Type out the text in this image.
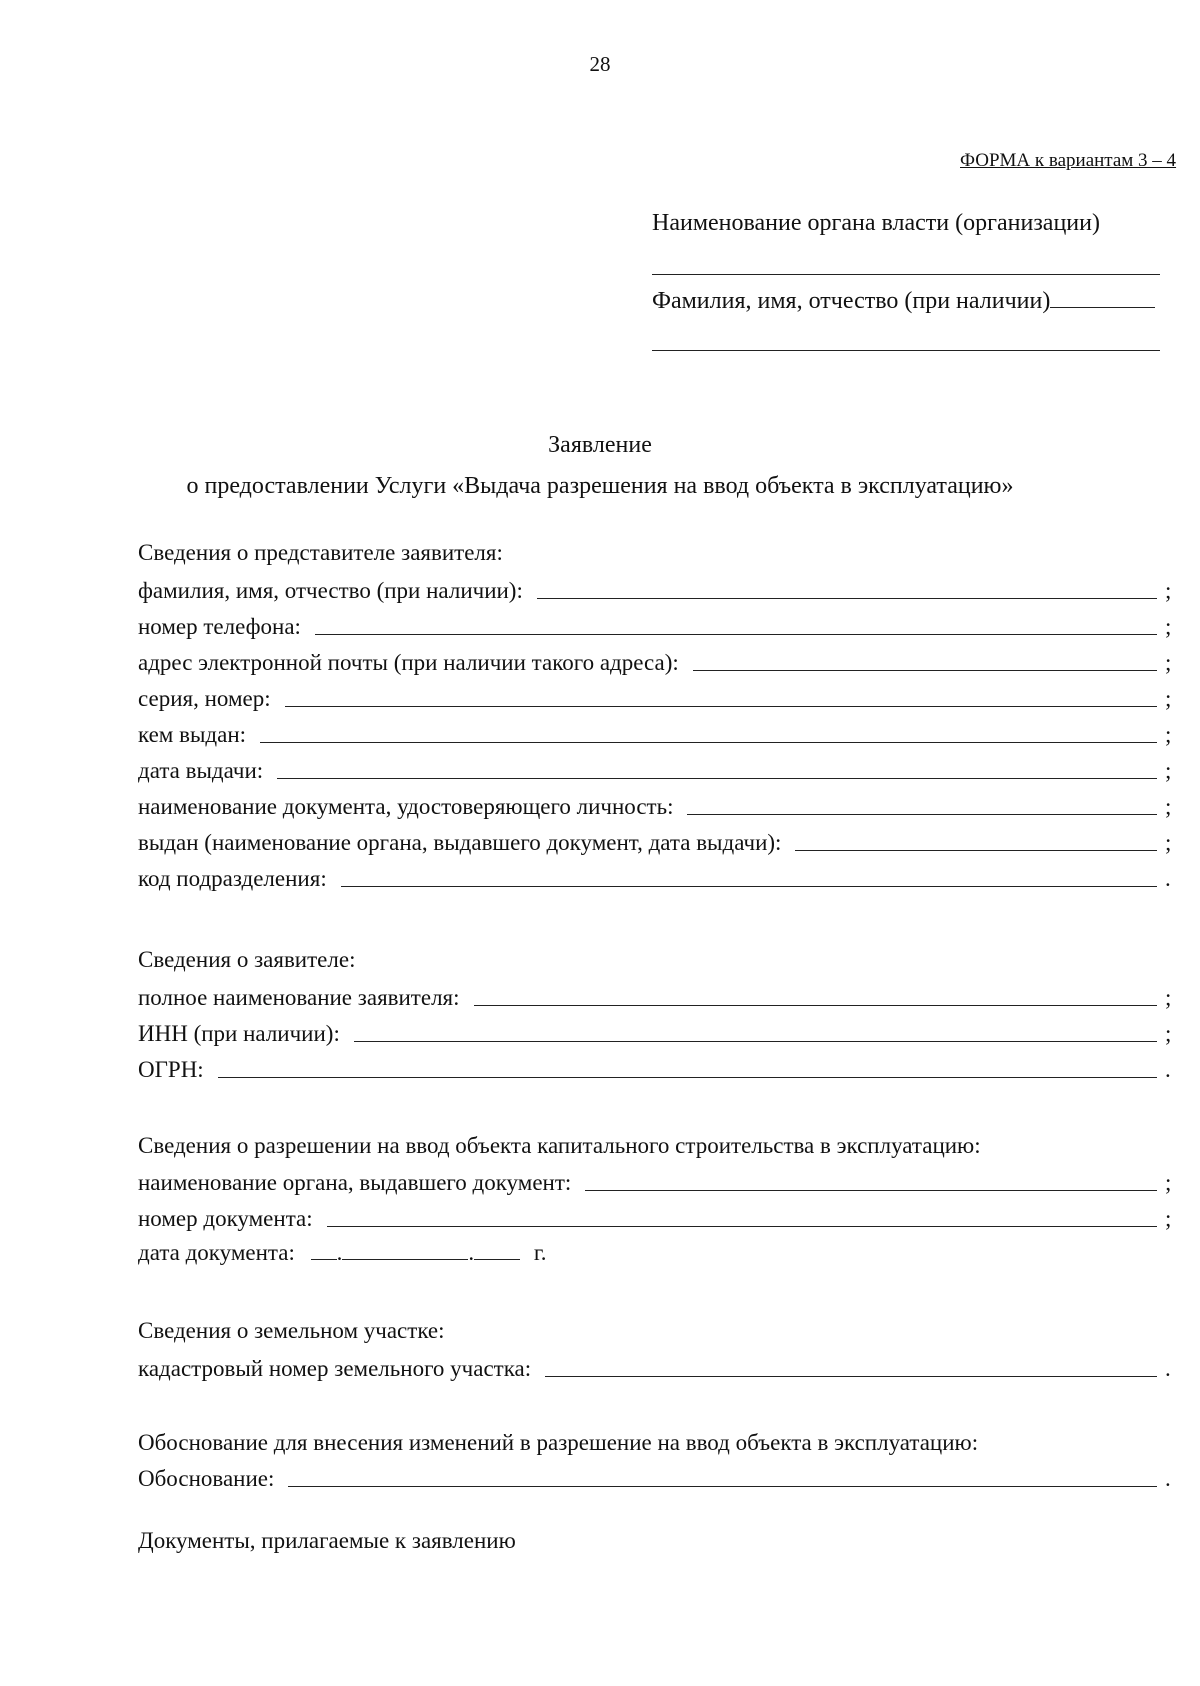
28
ФОРМА к вариантам 3 – 4
Наименование органа власти (организации)
Фамилия, имя, отчество (при наличии)
Заявление
о предоставлении Услуги «Выдача разрешения на ввод объекта в эксплуатацию»
Сведения о представителе заявителя:
фамилия, имя, отчество (при наличии):	;
номер телефона:	;
адрес электронной почты (при наличии такого адреса):	;
серия, номер:	;
кем выдан:	;
дата выдачи:	;
наименование документа, удостоверяющего личность:	;
выдан (наименование органа, выдавшего документ, дата выдачи):	;
код подразделения:	.
Сведения о заявителе:
полное наименование заявителя:	;
ИНН (при наличии):	;
ОГРН:	.
Сведения о разрешении на ввод объекта капитального строительства в эксплуатацию:
наименование органа, выдавшего документ:	;
номер документа:	;
дата документа: .	.	г.
Сведения о земельном участке:
кадастровый номер земельного участка:	.
Обоснование для внесения изменений в разрешение на ввод объекта в эксплуатацию:
Обоснование:	.
Документы, прилагаемые к заявлению
